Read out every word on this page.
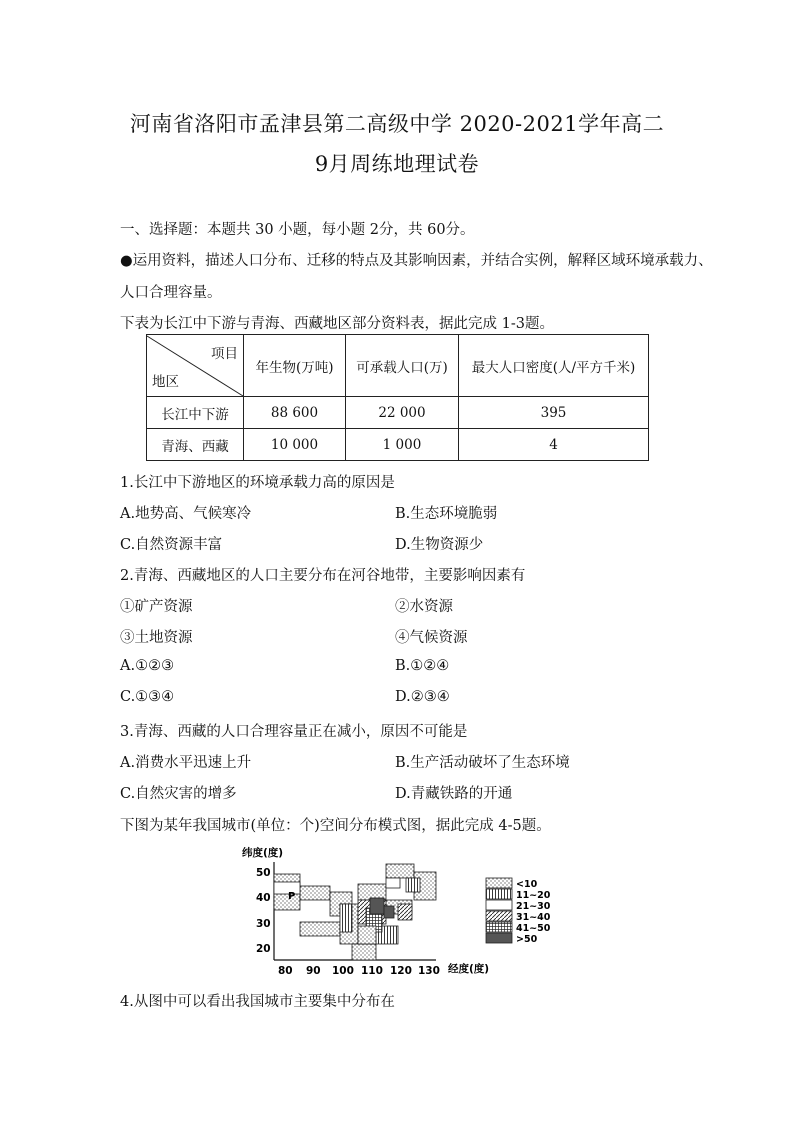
河南省洛阳市孟津县第二高级中学 2020-2021学年高二
9月周练地理试卷
一、选择题：本题共 30 小题，每小题 2分，共 60分。
●运用资料，描述人口分布、迁移的特点及其影响因素，并结合实例，解释区域环境承载力、
人口合理容量。
下表为长江中下游与青海、西藏地区部分资料表，据此完成 1-3题。
项目
地区	年生物(万吨)	可承载人口(万)	最大人口密度(人/平方千米)
长江中下游	88 600	22 000	395
青海、西藏	10 000	1 000	4
1.长江中下游地区的环境承载力高的原因是
A.地势高、气候寒冷	B.生态环境脆弱
C.自然资源丰富	D.生物资源少
2.青海、西藏地区的人口主要分布在河谷地带，主要影响因素有
①矿产资源	②水资源
③土地资源	④气候资源
A.①②③	B.①②④
C.①③④	D.②③④
3.青海、西藏的人口合理容量正在减小，原因不可能是
A.消费水平迅速上升	B.生产活动破坏了生态环境
C.自然灾害的增多	D.青藏铁路的开通
下图为某年我国城市(单位：个)空间分布模式图，据此完成 4-5题。
纬度(度)
经度(度)
50
40
30
20
80 90 100 110 120 130
P
<10
11~20
21~30
31~40
41~50
>50
4.从图中可以看出我国城市主要集中分布在
